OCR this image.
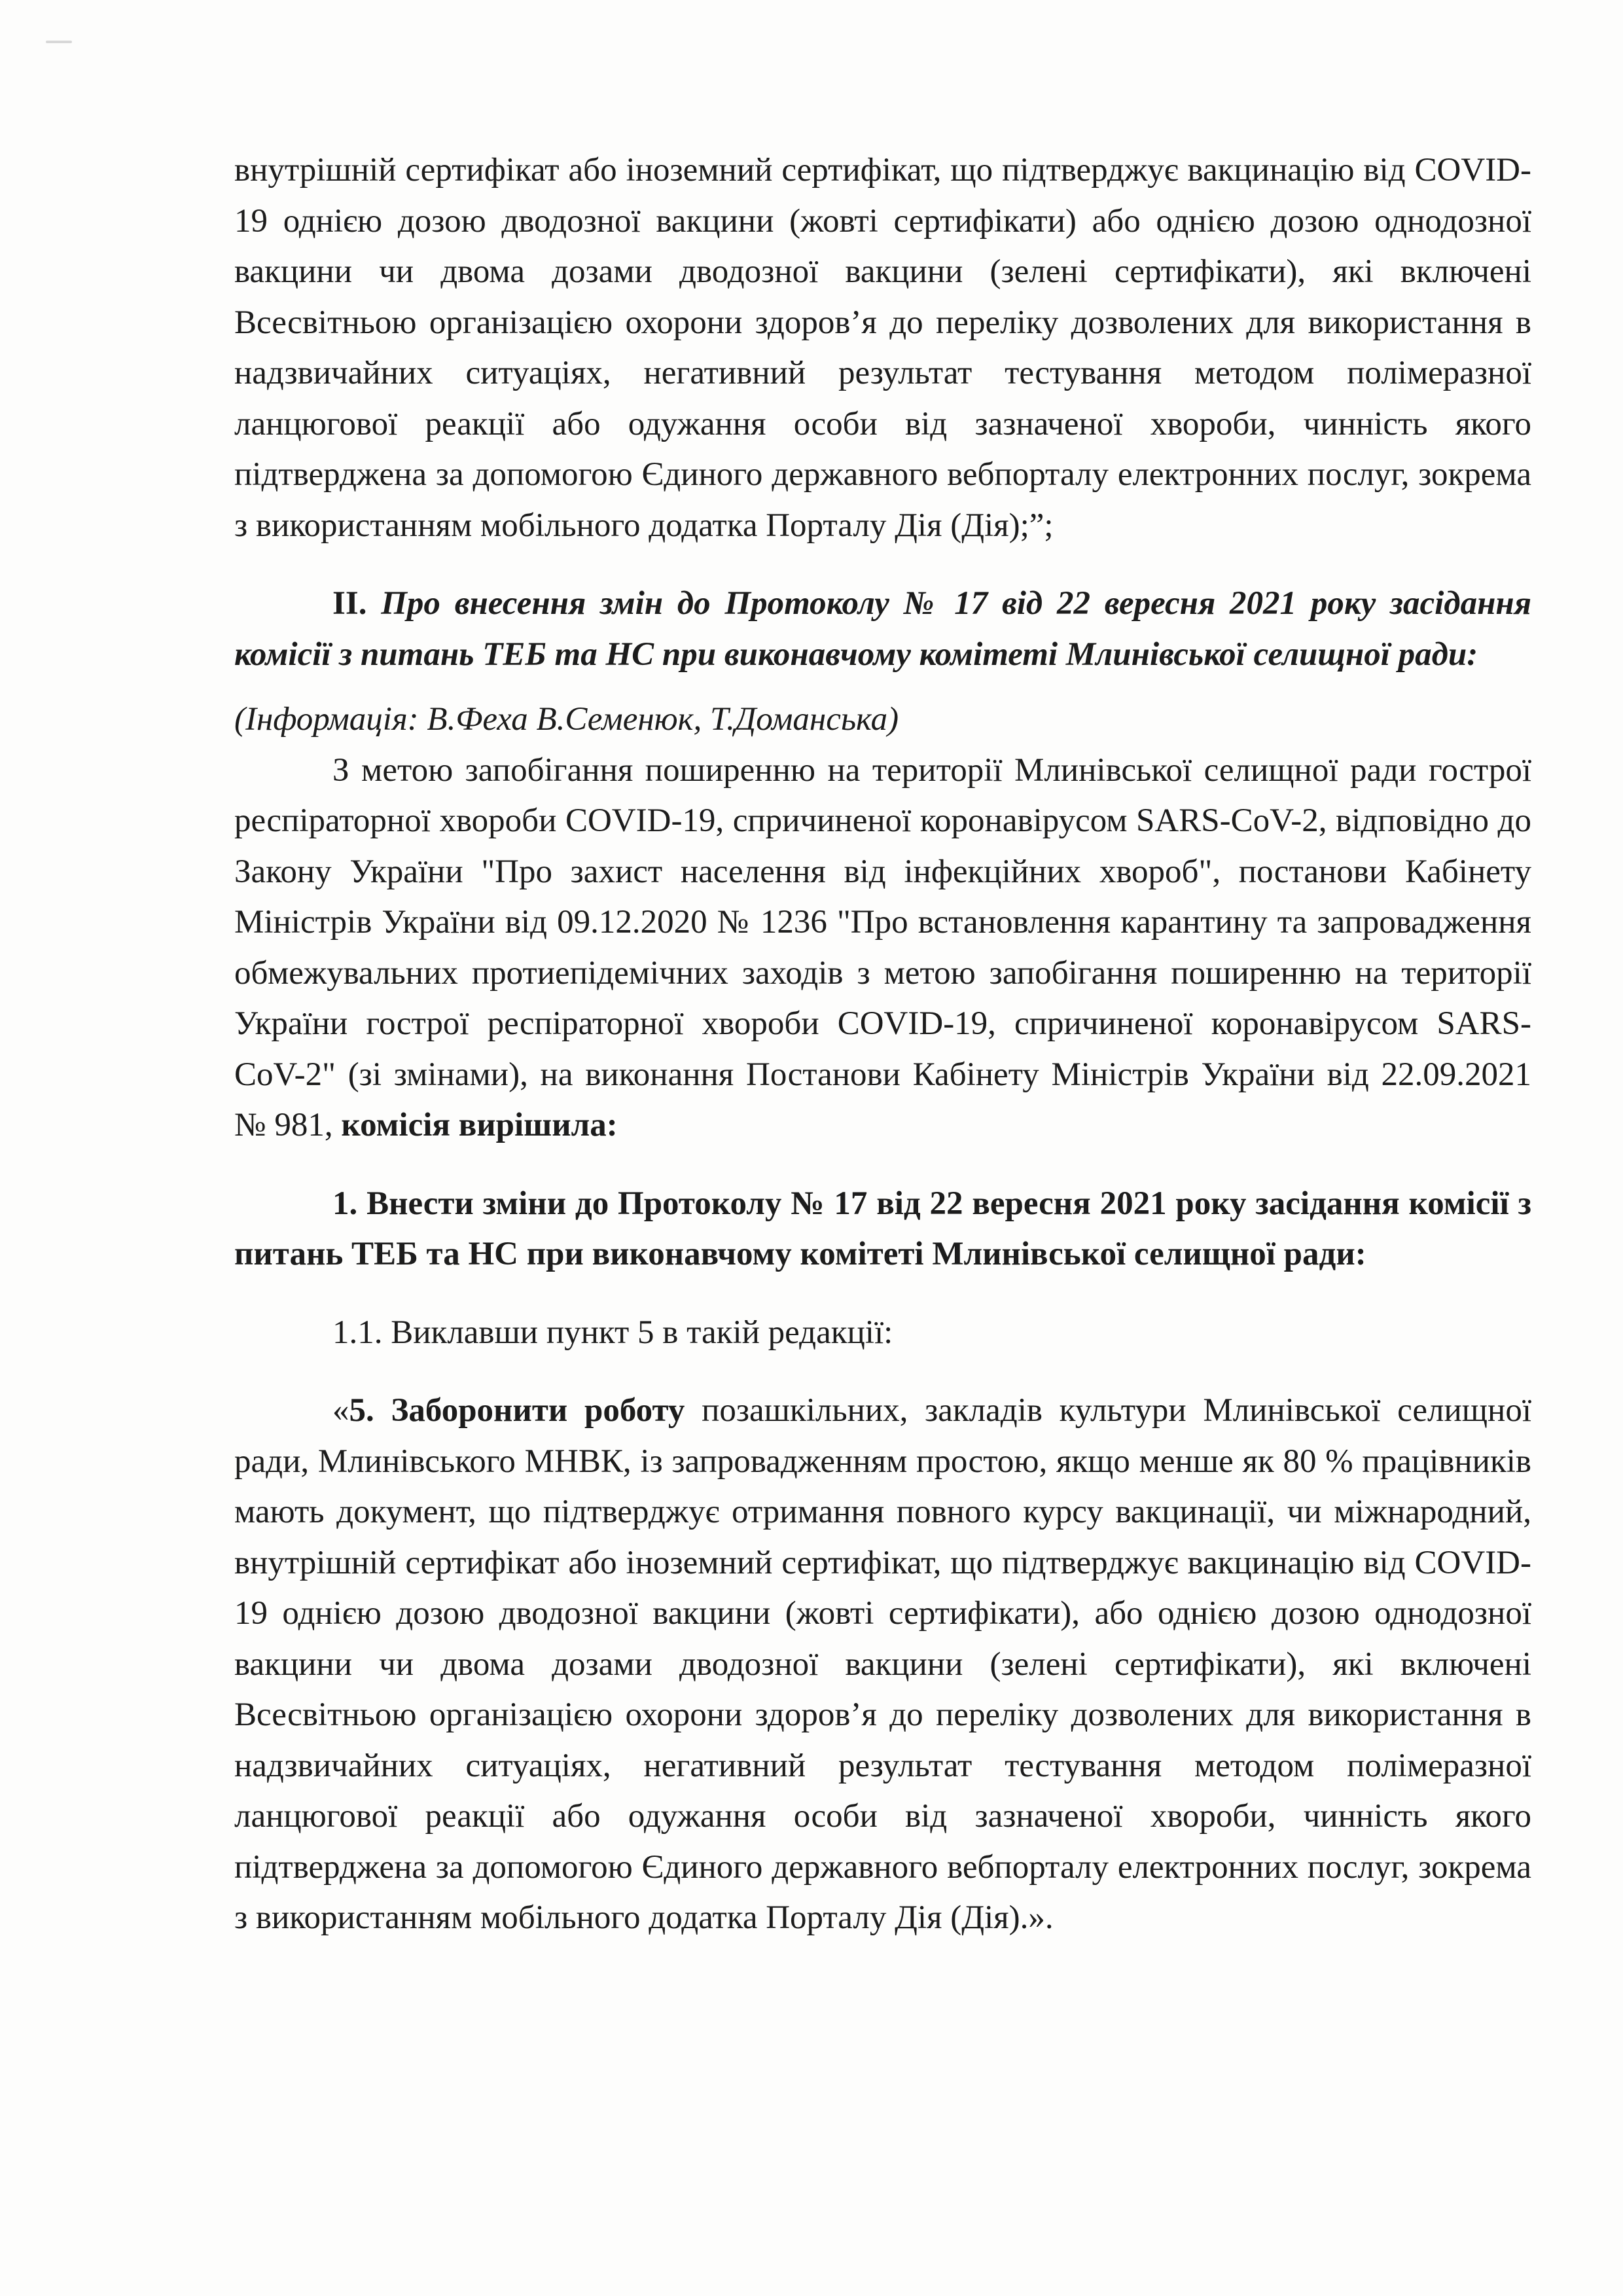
внутрішній сертифікат або іноземний сертифікат, що підтверджує вакцинацію від COVID-19 однією дозою дводозної вакцини (жовті сертифікати) або однією дозою однодозної вакцини чи двома дозами дводозної вакцини (зелені сертифікати), які включені Всесвітньою організацією охорони здоров’я до переліку дозволених для використання в надзвичайних ситуаціях, негативний результат тестування методом полімеразної ланцюгової реакції або одужання особи від зазначеної хвороби, чинність якого підтверджена за допомогою Єдиного державного вебпорталу електронних послуг, зокрема з використанням мобільного додатка Порталу Дія (Дія);”;

ІІ. Про внесення змін до Протоколу № 17 від 22 вересня 2021 року засідання комісії з питань ТЕБ та НС при виконавчому комітеті Млинівської селищної ради:

(Інформація: В.Феха В.Семенюк, Т.Доманська)

З метою запобігання поширенню на території Млинівської селищної ради гострої респіраторної хвороби COVID-19, спричиненої коронавірусом SARS-CoV-2, відповідно до Закону України "Про захист населення від інфекційних хвороб", постанови Кабінету Міністрів України від 09.12.2020 № 1236 "Про встановлення карантину та запровадження обмежувальних протиепідемічних заходів з метою запобігання поширенню на території України гострої респіраторної хвороби COVID-19, спричиненої коронавірусом SARS-CoV-2" (зі змінами), на виконання Постанови Кабінету Міністрів України від 22.09.2021 № 981, комісія вирішила:

1. Внести зміни до Протоколу № 17 від 22 вересня 2021 року засідання комісії з питань ТЕБ та НС при виконавчому комітеті Млинівської селищної ради:

1.1. Виклавши пункт 5 в такій редакції:

«5. Заборонити роботу позашкільних, закладів культури Млинівської селищної ради, Млинівського МНВК, із запровадженням простою, якщо менше як 80 % працівників мають документ, що підтверджує отримання повного курсу вакцинації, чи міжнародний, внутрішній сертифікат або іноземний сертифікат, що підтверджує вакцинацію від COVID-19 однією дозою дводозної вакцини (жовті сертифікати), або однією дозою однодозної вакцини чи двома дозами дводозної вакцини (зелені сертифікати), які включені Всесвітньою організацією охорони здоров’я до переліку дозволених для використання в надзвичайних ситуаціях, негативний результат тестування методом полімеразної ланцюгової реакції або одужання особи від зазначеної хвороби, чинність якого підтверджена за допомогою Єдиного державного вебпорталу електронних послуг, зокрема з використанням мобільного додатка Порталу Дія (Дія).».
